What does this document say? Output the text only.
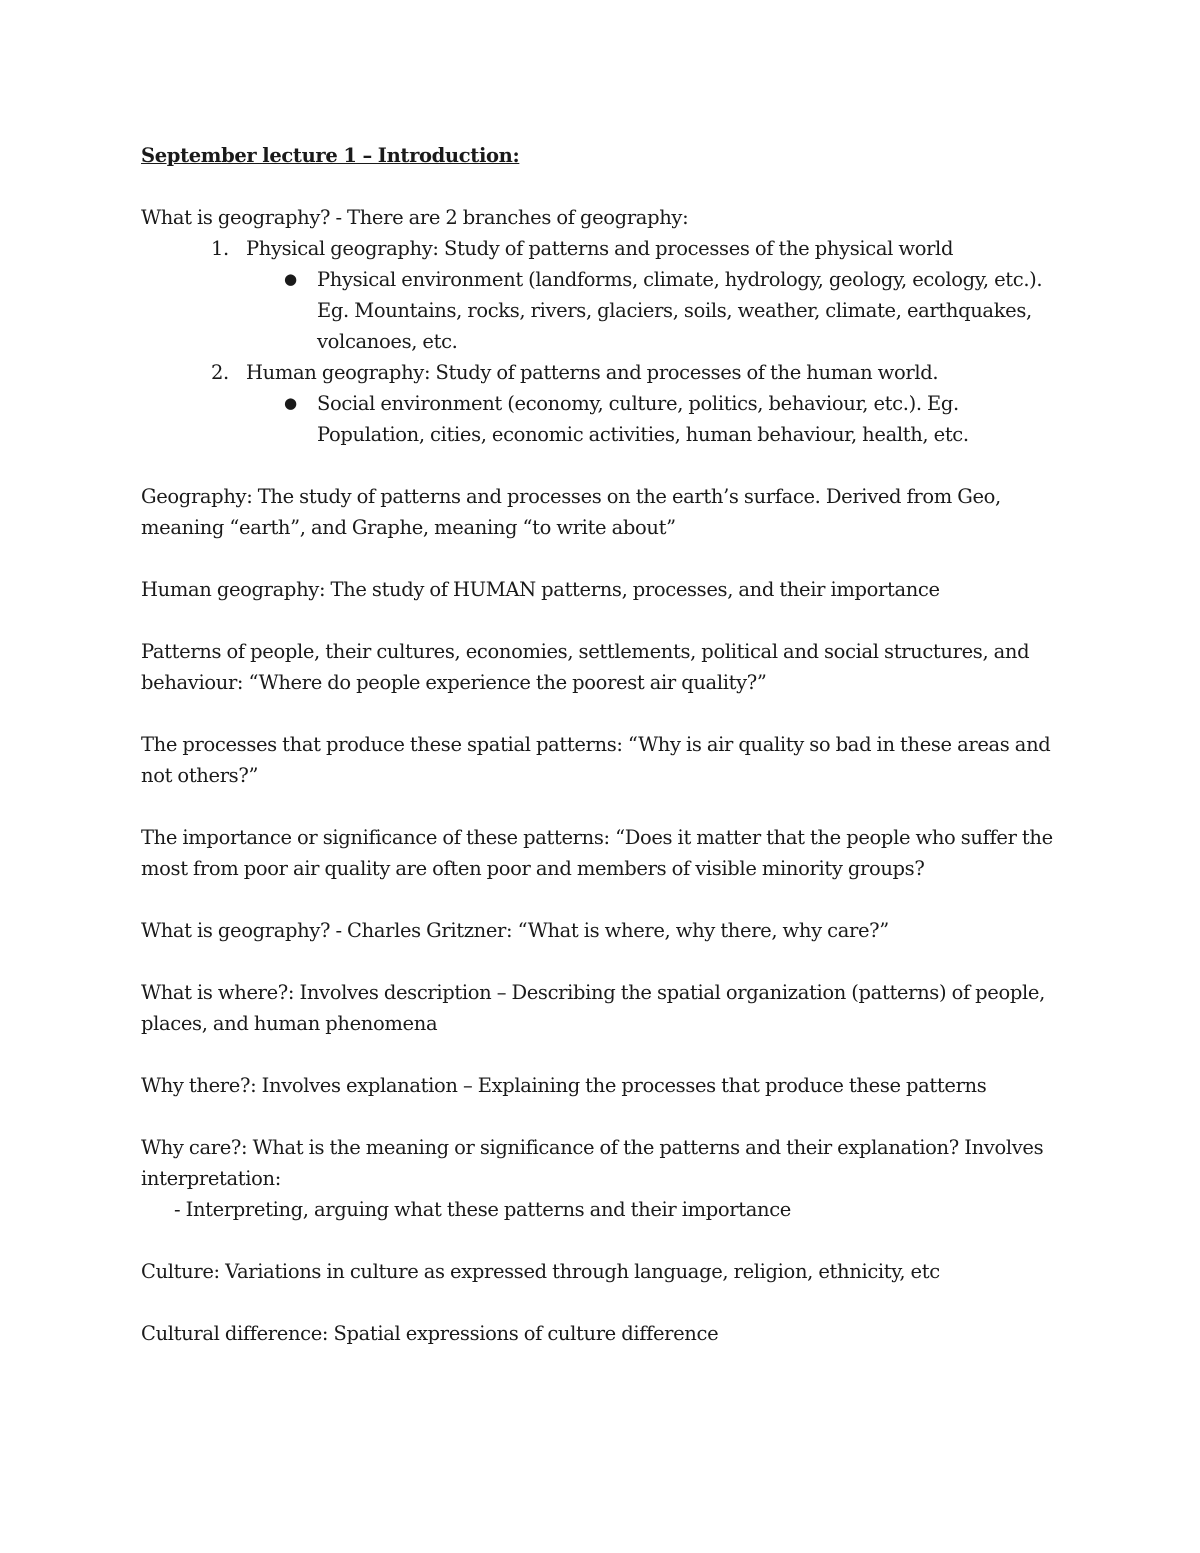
September lecture 1 – Introduction:

What is geography? - There are 2 branches of geography:

1. Physical geography: Study of patterns and processes of the physical world
● Physical environment (landforms, climate, hydrology, geology, ecology, etc.). Eg. Mountains, rocks, rivers, glaciers, soils, weather, climate, earthquakes, volcanoes, etc.
2. Human geography: Study of patterns and processes of the human world.
● Social environment (economy, culture, politics, behaviour, etc.). Eg. Population, cities, economic activities, human behaviour, health, etc.

Geography: The study of patterns and processes on the earth’s surface. Derived from Geo, meaning “earth”, and Graphe, meaning “to write about”

Human geography: The study of HUMAN patterns, processes, and their importance

Patterns of people, their cultures, economies, settlements, political and social structures, and behaviour: “Where do people experience the poorest air quality?”

The processes that produce these spatial patterns: “Why is air quality so bad in these areas and not others?”

The importance or significance of these patterns: “Does it matter that the people who suffer the most from poor air quality are often poor and members of visible minority groups?

What is geography? - Charles Gritzner: “What is where, why there, why care?”

What is where?: Involves description – Describing the spatial organization (patterns) of people, places, and human phenomena

Why there?: Involves explanation – Explaining the processes that produce these patterns

Why care?: What is the meaning or significance of the patterns and their explanation? Involves interpretation:

- Interpreting, arguing what these patterns and their importance

Culture: Variations in culture as expressed through language, religion, ethnicity, etc

Cultural difference: Spatial expressions of culture difference
